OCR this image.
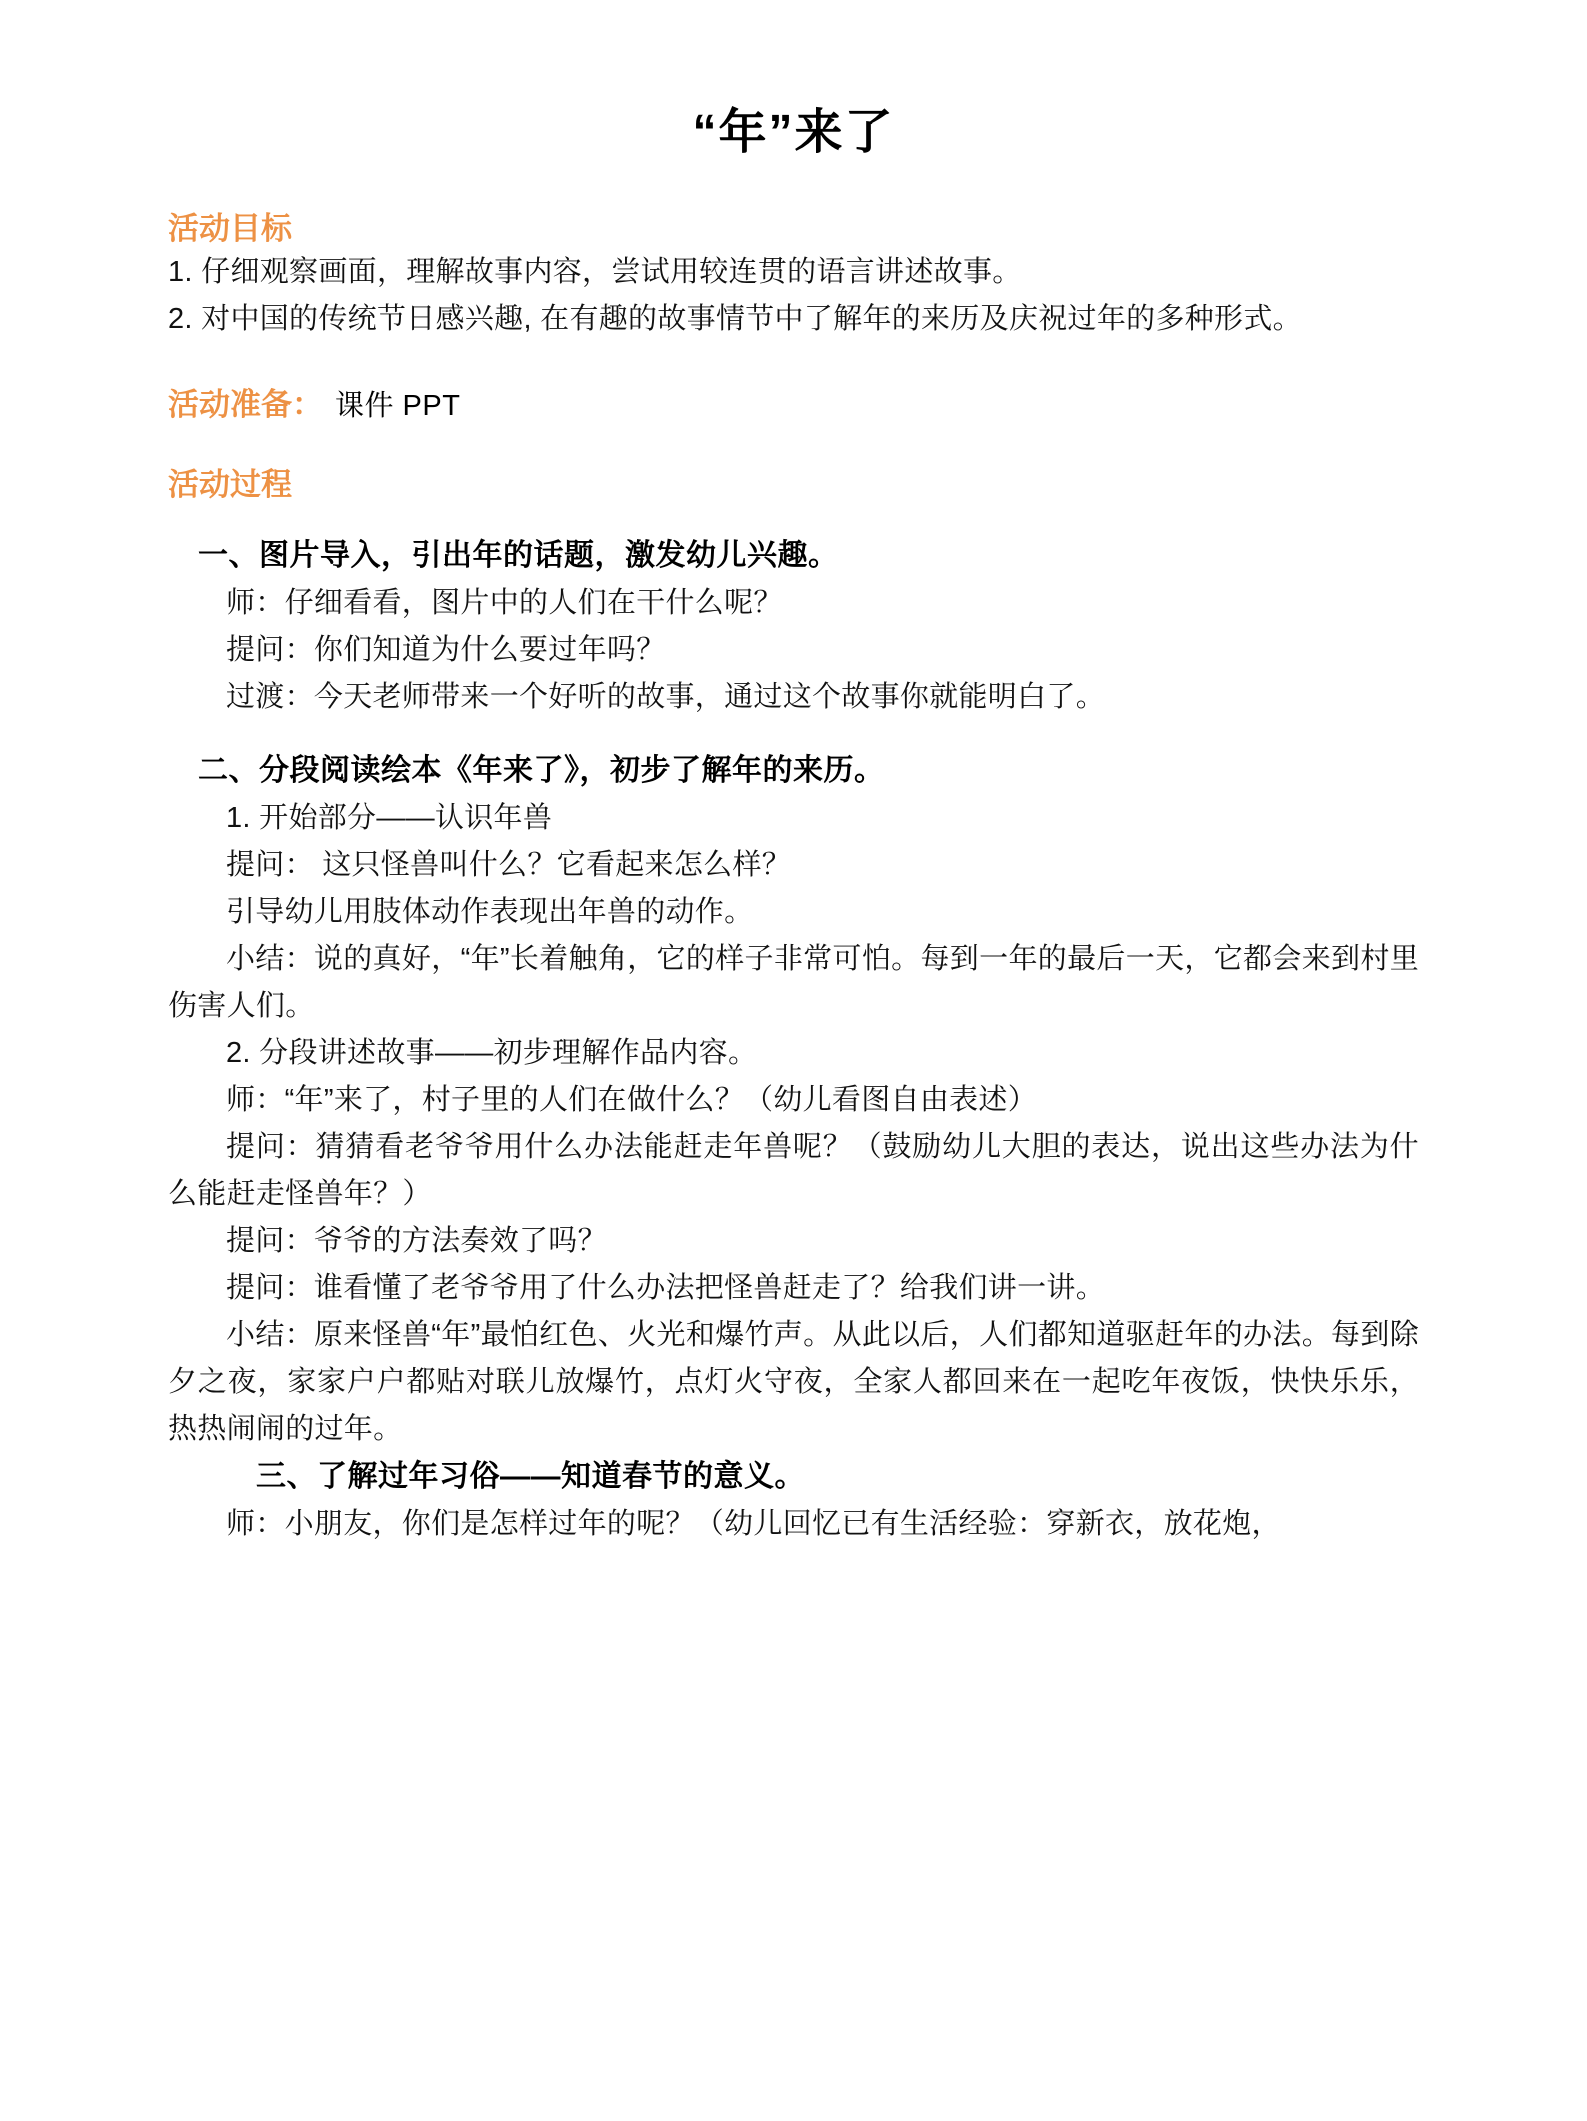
“年”来了
活动目标

1. 仔细观察画面，理解故事内容，尝试用较连贯的语言讲述故事。

2. 对中国的传统节日感兴趣, 在有趣的故事情节中了解年的来历及庆祝过年的多种形式。

活动准备： 课件 PPT
活动过程

一、图片导入，引出年的话题，激发幼儿兴趣。

师：仔细看看，图片中的人们在干什么呢？

提问：你们知道为什么要过年吗？

过渡：今天老师带来一个好听的故事，通过这个故事你就能明白了。

二、分段阅读绘本《年来了》，初步了解年的来历。

1. 开始部分——认识年兽

提问： 这只怪兽叫什么？它看起来怎么样？

引导幼儿用肢体动作表现出年兽的动作。

小结：说的真好，“年”长着触角，它的样子非常可怕。每到一年的最后一天，它都会来到村里伤害人们。

2. 分段讲述故事——初步理解作品内容。

师：“年”来了，村子里的人们在做什么？（幼儿看图自由表述）

提问：猜猜看老爷爷用什么办法能赶走年兽呢？（鼓励幼儿大胆的表达，说出这些办法为什么能赶走怪兽年？）

提问：爷爷的方法奏效了吗？

提问：谁看懂了老爷爷用了什么办法把怪兽赶走了？给我们讲一讲。

小结：原来怪兽“年”最怕红色、火光和爆竹声。从此以后，人们都知道驱赶年的办法。每到除夕之夜，家家户户都贴对联儿放爆竹，点灯火守夜，全家人都回来在一起吃年夜饭，快快乐乐，热热闹闹的过年。

三、了解过年习俗——知道春节的意义。

师：小朋友，你们是怎样过年的呢？（幼儿回忆已有生活经验：穿新衣，放花炮，
